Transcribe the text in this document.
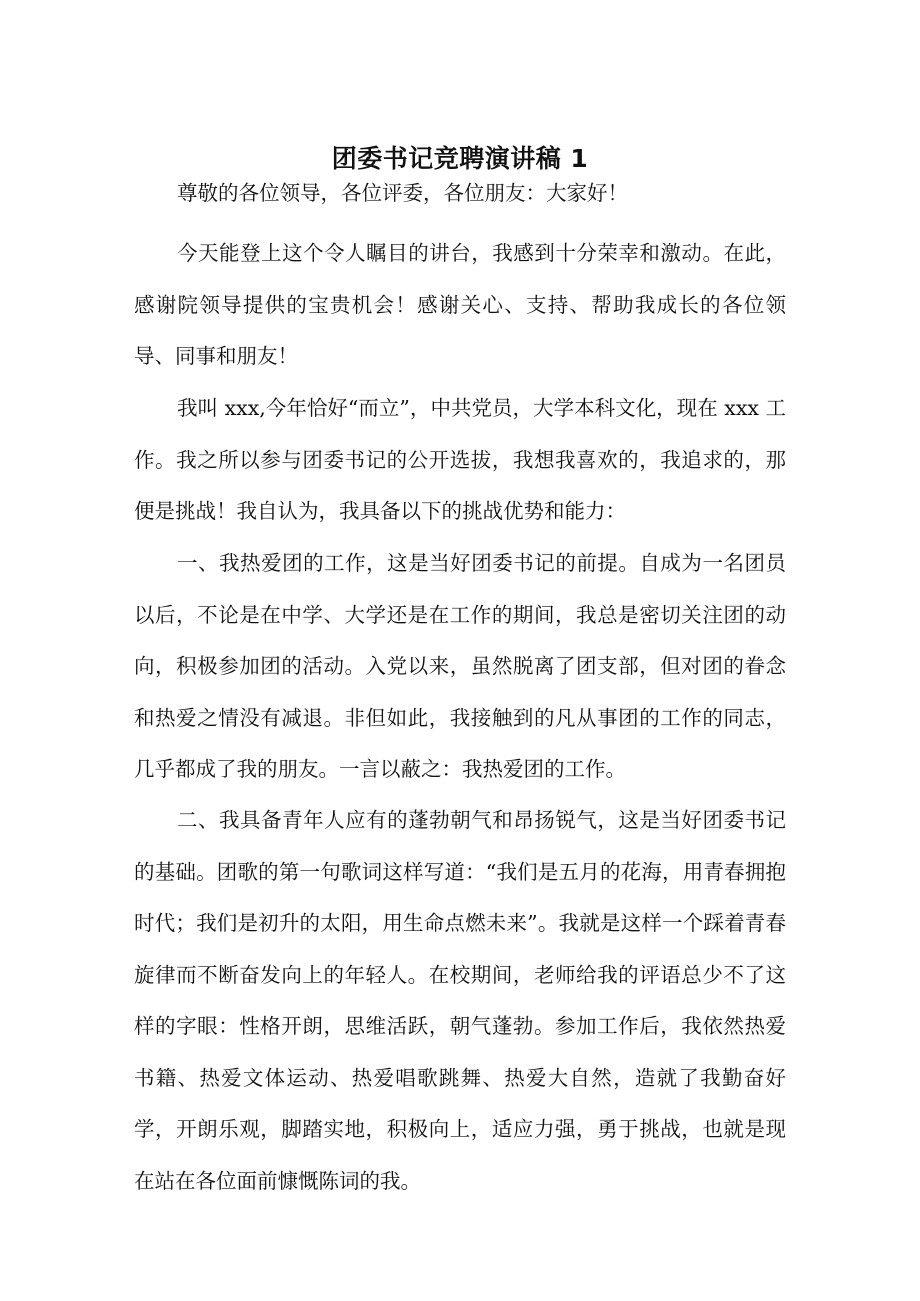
团委书记竞聘演讲稿 1

尊敬的各位领导，各位评委，各位朋友：大家好！

今天能登上这个令人瞩目的讲台，我感到十分荣幸和激动。在此，感谢院领导提供的宝贵机会！感谢关心、支持、帮助我成长的各位领导、同事和朋友！

我叫 xxx,今年恰好“而立”，中共党员，大学本科文化，现在 xxx 工作。我之所以参与团委书记的公开选拔，我想我喜欢的，我追求的，那便是挑战！我自认为，我具备以下的挑战优势和能力：

一、我热爱团的工作，这是当好团委书记的前提。自成为一名团员以后，不论是在中学、大学还是在工作的期间，我总是密切关注团的动向，积极参加团的活动。入党以来，虽然脱离了团支部，但对团的眷念和热爱之情没有减退。非但如此，我接触到的凡从事团的工作的同志，几乎都成了我的朋友。一言以蔽之：我热爱团的工作。

二、我具备青年人应有的蓬勃朝气和昂扬锐气，这是当好团委书记的基础。团歌的第一句歌词这样写道：“我们是五月的花海，用青春拥抱时代；我们是初升的太阳，用生命点燃未来”。我就是这样一个踩着青春旋律而不断奋发向上的年轻人。在校期间，老师给我的评语总少不了这样的字眼：性格开朗，思维活跃，朝气蓬勃。参加工作后，我依然热爱书籍、热爱文体运动、热爱唱歌跳舞、热爱大自然，造就了我勤奋好学，开朗乐观，脚踏实地，积极向上，适应力强，勇于挑战，也就是现在站在各位面前慷慨陈词的我。
